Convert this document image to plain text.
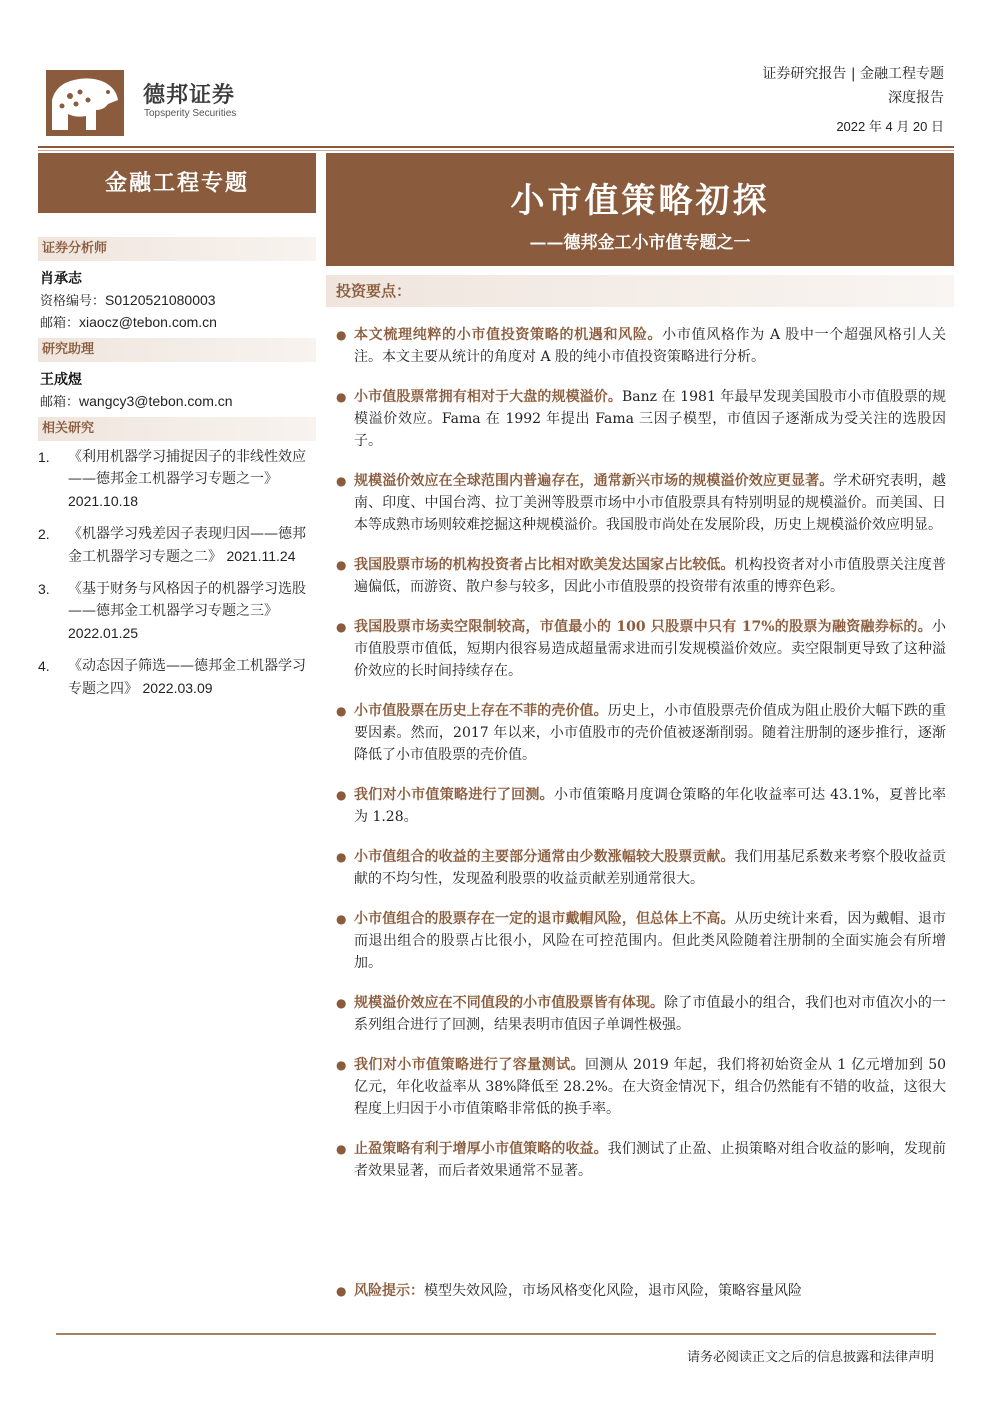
德邦证券
Topsperity Securities
证券研究报告 | 金融工程专题
深度报告
2022 年 4 月 20 日
金融工程专题
证券分析师
肖承志
资格编号：S0120521080003
邮箱：xiaocz@tebon.com.cn
研究助理
王成煜
邮箱：wangcy3@tebon.com.cn
相关研究
1. 《利用机器学习捕捉因子的非线性效应——德邦金工机器学习专题之一》 2021.10.18
2. 《机器学习残差因子表现归因——德邦金工机器学习专题之二》 2021.11.24
3. 《基于财务与风格因子的机器学习选股——德邦金工机器学习专题之三》 2022.01.25
4. 《动态因子筛选——德邦金工机器学习专题之四》 2022.03.09
小市值策略初探
——德邦金工小市值专题之一
投资要点：
● 本文梳理纯粹的小市值投资策略的机遇和风险。小市值风格作为 A 股中一个超强风格引人关注。本文主要从统计的角度对 A 股的纯小市值投资策略进行分析。
● 小市值股票常拥有相对于大盘的规模溢价。Banz 在 1981 年最早发现美国股市小市值股票的规模溢价效应。Fama 在 1992 年提出 Fama 三因子模型，市值因子逐渐成为受关注的选股因子。
● 规模溢价效应在全球范围内普遍存在，通常新兴市场的规模溢价效应更显著。学术研究表明，越南、印度、中国台湾、拉丁美洲等股票市场中小市值股票具有特别明显的规模溢价。而美国、日本等成熟市场则较难挖掘这种规模溢价。我国股市尚处在发展阶段，历史上规模溢价效应明显。
● 我国股票市场的机构投资者占比相对欧美发达国家占比较低。机构投资者对小市值股票关注度普遍偏低，而游资、散户参与较多，因此小市值股票的投资带有浓重的博弈色彩。
● 我国股票市场卖空限制较高，市值最小的 100 只股票中只有 17%的股票为融资融券标的。小市值股票市值低，短期内很容易造成超量需求进而引发规模溢价效应。卖空限制更导致了这种溢价效应的长时间持续存在。
● 小市值股票在历史上存在不菲的壳价值。历史上，小市值股票壳价值成为阻止股价大幅下跌的重要因素。然而，2017 年以来，小市值股市的壳价值被逐渐削弱。随着注册制的逐步推行，逐渐降低了小市值股票的壳价值。
● 我们对小市值策略进行了回测。小市值策略月度调仓策略的年化收益率可达 43.1%，夏普比率为 1.28。
● 小市值组合的收益的主要部分通常由少数涨幅较大股票贡献。我们用基尼系数来考察个股收益贡献的不均匀性，发现盈利股票的收益贡献差别通常很大。
● 小市值组合的股票存在一定的退市戴帽风险，但总体上不高。从历史统计来看，因为戴帽、退市而退出组合的股票占比很小，风险在可控范围内。但此类风险随着注册制的全面实施会有所增加。
● 规模溢价效应在不同值段的小市值股票皆有体现。除了市值最小的组合，我们也对市值次小的一系列组合进行了回测，结果表明市值因子单调性极强。
● 我们对小市值策略进行了容量测试。回测从 2019 年起，我们将初始资金从 1 亿元增加到 50 亿元，年化收益率从 38%降低至 28.2%。在大资金情况下，组合仍然能有不错的收益，这很大程度上归因于小市值策略非常低的换手率。
● 止盈策略有利于增厚小市值策略的收益。我们测试了止盈、止损策略对组合收益的影响，发现前者效果显著，而后者效果通常不显著。
● 风险提示：模型失效风险，市场风格变化风险，退市风险，策略容量风险
请务必阅读正文之后的信息披露和法律声明
